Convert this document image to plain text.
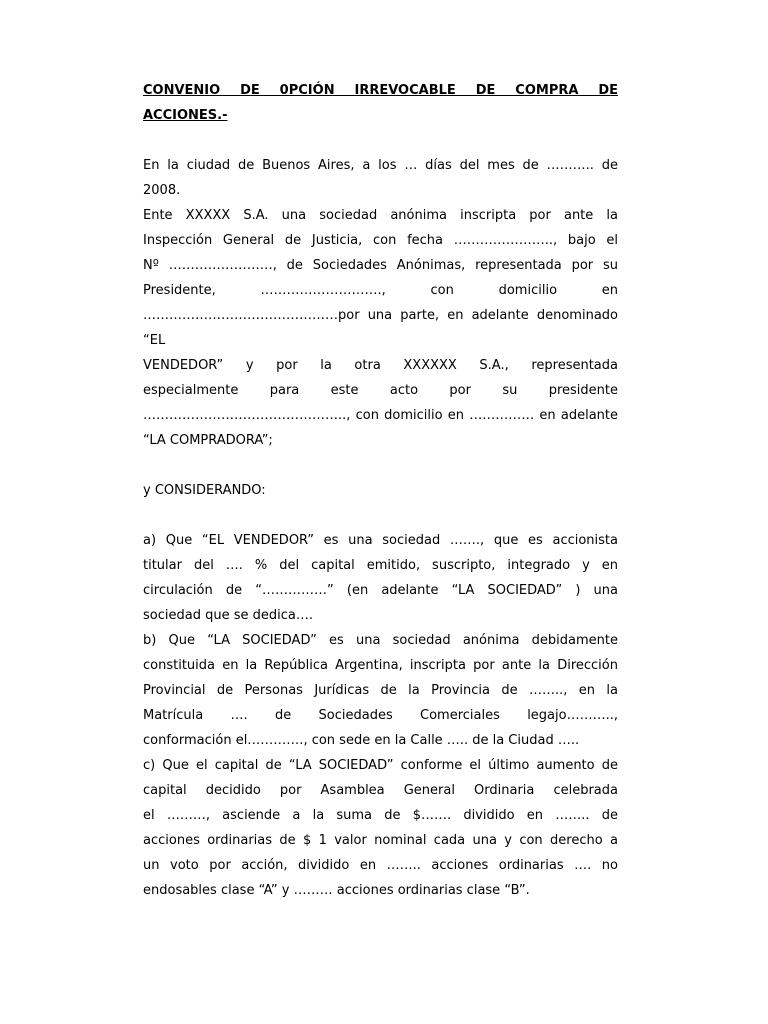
CONVENIO DE 0PCIÓN IRREVOCABLE DE COMPRA DE
ACCIONES.-
En la ciudad de Buenos Aires, a los … días del mes de ……….. de
2008.
Ente XXXXX S.A. una sociedad anónima inscripta por ante la
Inspección General de Justicia, con fecha ………………….., bajo el
Nº ……………………, de Sociedades Anónimas, representada por su
Presidente, ………………………., con domicilio en
………………………………………por una parte, en adelante denominado “EL
VENDEDOR” y por la otra XXXXXX S.A., representada
especialmente para este acto por su presidente
……………………………………….., con domicilio en …………… en adelante
“LA COMPRADORA”;
y CONSIDERANDO:
a) Que “EL VENDEDOR” es una sociedad ……., que es accionista
titular del …. % del capital emitido, suscripto, integrado y en
circulación de “……………” (en adelante “LA SOCIEDAD” ) una
sociedad que se dedica….
b) Que “LA SOCIEDAD” es una sociedad anónima debidamente
constituida en la República Argentina, inscripta por ante la Dirección
Provincial de Personas Jurídicas de la Provincia de …….., en la
Matrícula …. de Sociedades Comerciales legajo………..,
conformación el…………., con sede en la Calle ….. de la Ciudad …..
c) Que el capital de “LA SOCIEDAD” conforme el último aumento de
capital decidido por Asamblea General Ordinaria celebrada
el ………, asciende a la suma de $……. dividido en …….. de
acciones ordinarias de $ 1 valor nominal cada una y con derecho a
un voto por acción, dividido en …….. acciones ordinarias …. no
endosables clase “A” y ……… acciones ordinarias clase “B”.
